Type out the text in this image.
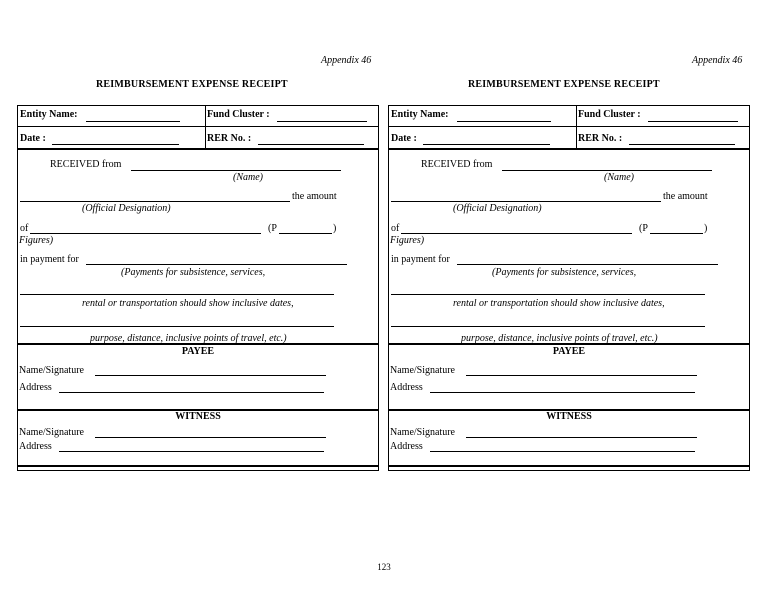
Appendix 46
REIMBURSEMENT EXPENSE RECEIPT
Appendix 46
REIMBURSEMENT EXPENSE RECEIPT
Entity Name:	Fund Cluster :
Date :	RER No. :
RECEIVED from
(Name)
the amount
(Official Designation)
of	(P	)
Figures)
in payment for
(Payments for subsistence, services,
rental or transportation should show inclusive dates,
purpose, distance, inclusive points of travel, etc.)
PAYEE
Name/Signature
Address
WITNESS
Name/Signature
Address
Entity Name:	Fund Cluster :
Date :	RER No. :
RECEIVED from
(Name)
the amount
(Official Designation)
of	(P	)
Figures)
in payment for
(Payments for subsistence, services,
rental or transportation should show inclusive dates,
purpose, distance, inclusive points of travel, etc.)
PAYEE
Name/Signature
Address
WITNESS
Name/Signature
Address
123
